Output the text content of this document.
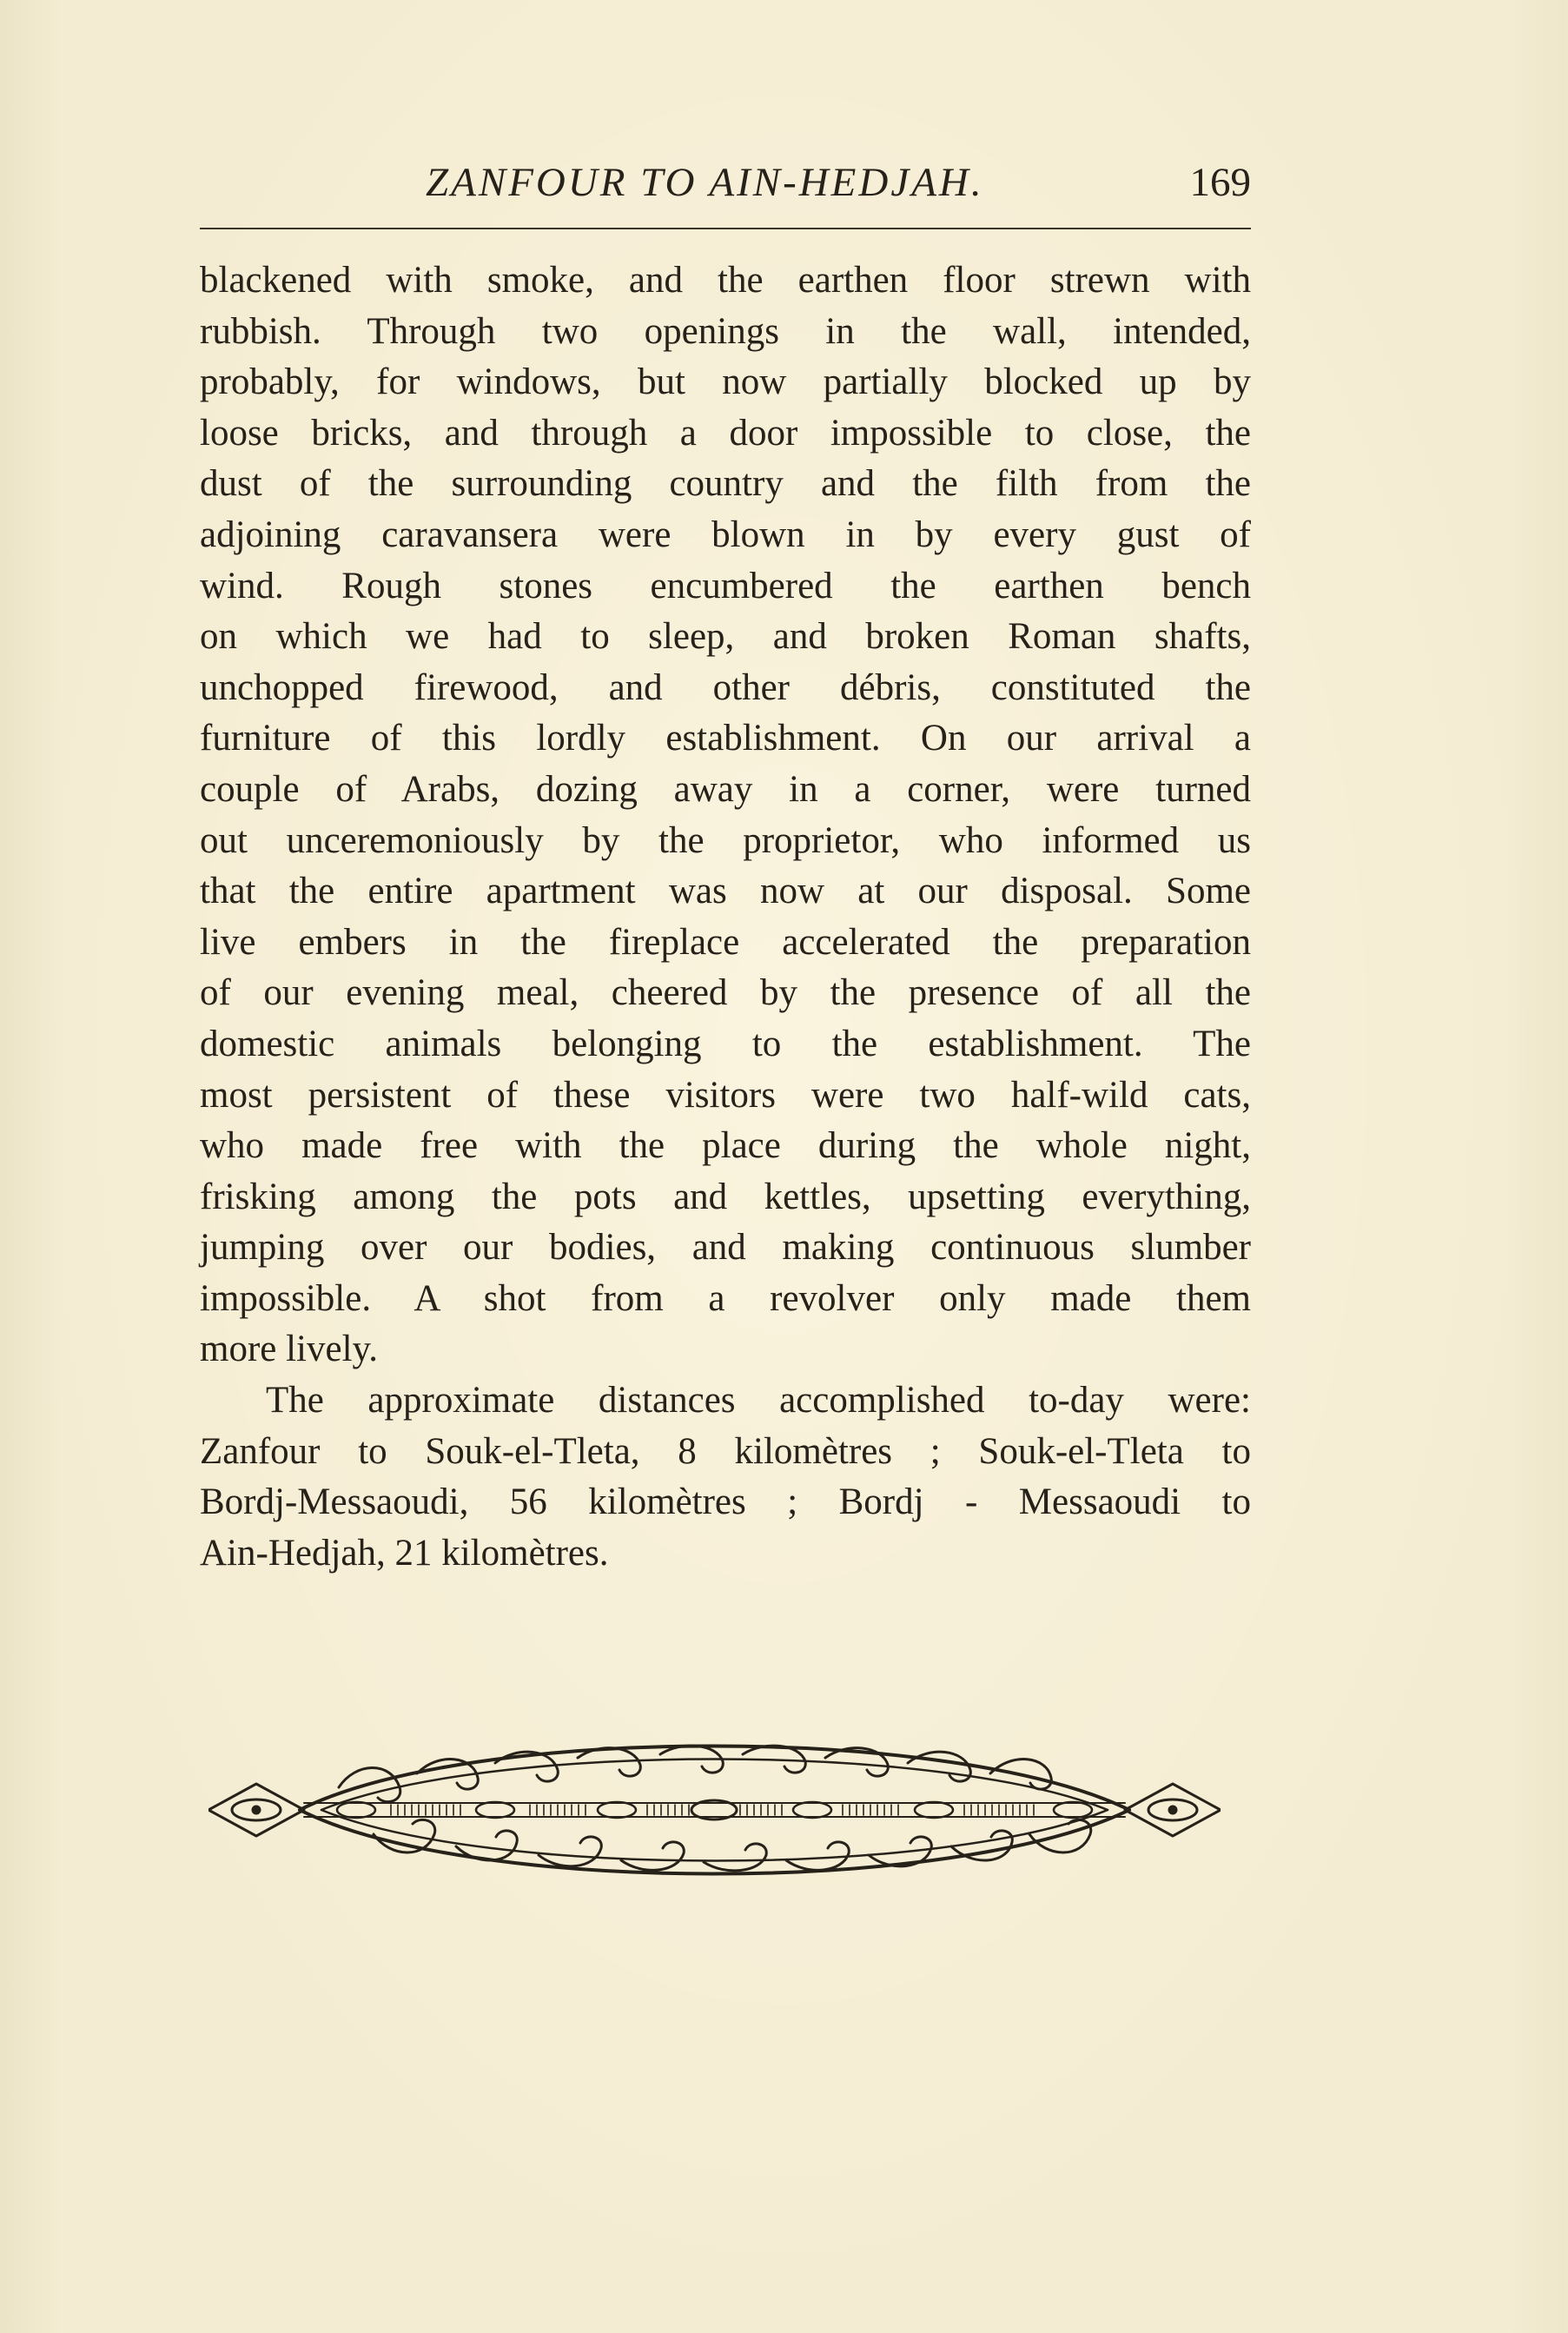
ZANFOUR TO AIN-HEDJAH.	169
blackened with smoke, and the earthen floor strewn with
rubbish. Through two openings in the wall, intended,
probably, for windows, but now partially blocked up by
loose bricks, and through a door impossible to close, the
dust of the surrounding country and the filth from the
adjoining caravansera were blown in by every gust of
wind. Rough stones encumbered the earthen bench
on which we had to sleep, and broken Roman shafts,
unchopped firewood, and other débris, constituted the
furniture of this lordly establishment. On our arrival a
couple of Arabs, dozing away in a corner, were turned
out unceremoniously by the proprietor, who informed us
that the entire apartment was now at our disposal. Some
live embers in the fireplace accelerated the preparation
of our evening meal, cheered by the presence of all the
domestic animals belonging to the establishment. The
most persistent of these visitors were two half-wild cats,
who made free with the place during the whole night,
frisking among the pots and kettles, upsetting everything,
jumping over our bodies, and making continuous slumber
impossible. A shot from a revolver only made them
more lively.
The approximate distances accomplished to-day were:
Zanfour to Souk-el-Tleta, 8 kilomètres ; Souk-el-Tleta to
Bordj-Messaoudi, 56 kilomètres ; Bordj - Messaoudi to
Ain-Hedjah, 21 kilomètres.
